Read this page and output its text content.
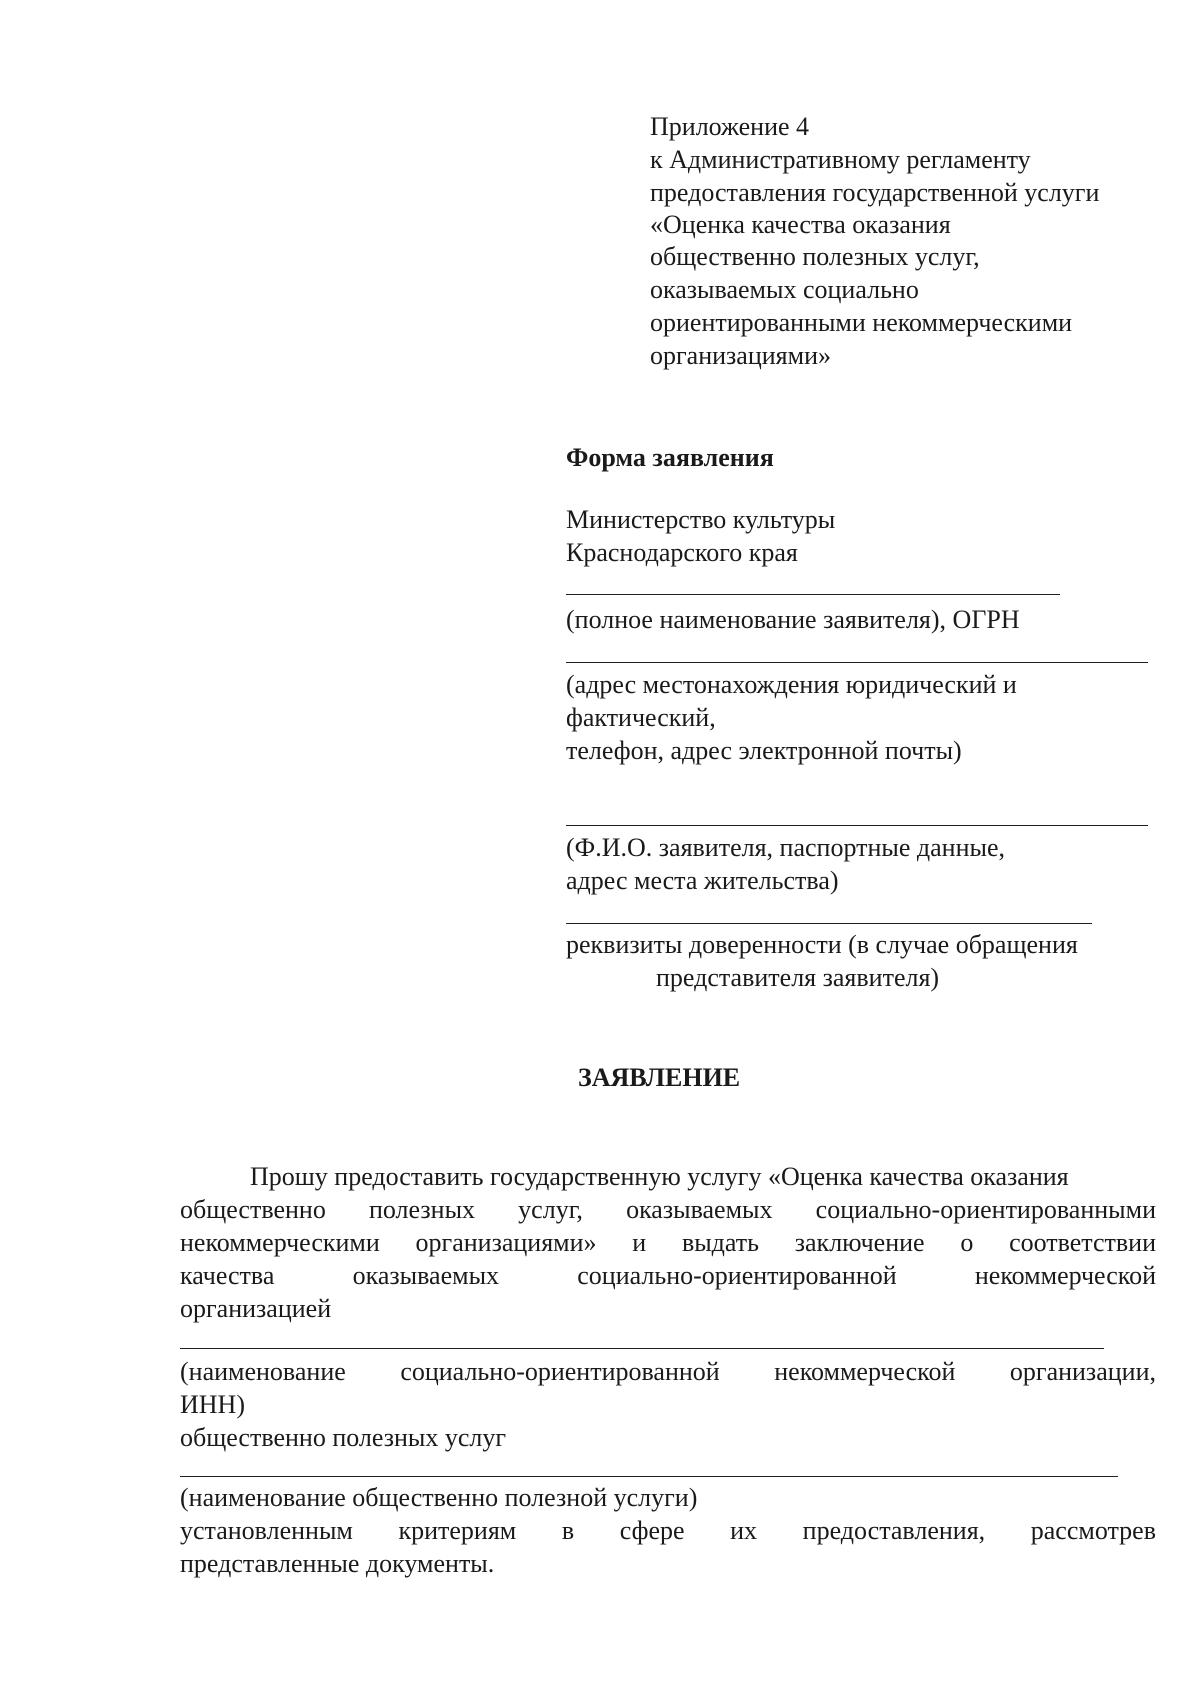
Приложение 4
к Административному регламенту
предоставления государственной услуги
«Оценка качества оказания
общественно полезных услуг,
оказываемых социально
ориентированными некоммерческими
организациями»
Форма заявления
Министерство культуры
Краснодарского края
(полное наименование заявителя), ОГРН
(адрес местонахождения юридический и
фактический,
телефон, адрес электронной почты)
(Ф.И.О. заявителя, паспортные данные,
адрес места жительства)
реквизиты доверенности (в случае обращения
представителя заявителя)
ЗАЯВЛЕНИЕ
Прошу предоставить государственную услугу «Оценка качества оказания
общественно полезных услуг, оказываемых социально-ориентированными
некоммерческими организациями» и выдать заключение о соответствии
качества оказываемых социально-ориентированной некоммерческой
организацией
(наименование социально-ориентированной некоммерческой организации,
ИНН)
общественно полезных услуг
(наименование общественно полезной услуги)
установленным критериям в сфере их предоставления, рассмотрев
представленные документы.
